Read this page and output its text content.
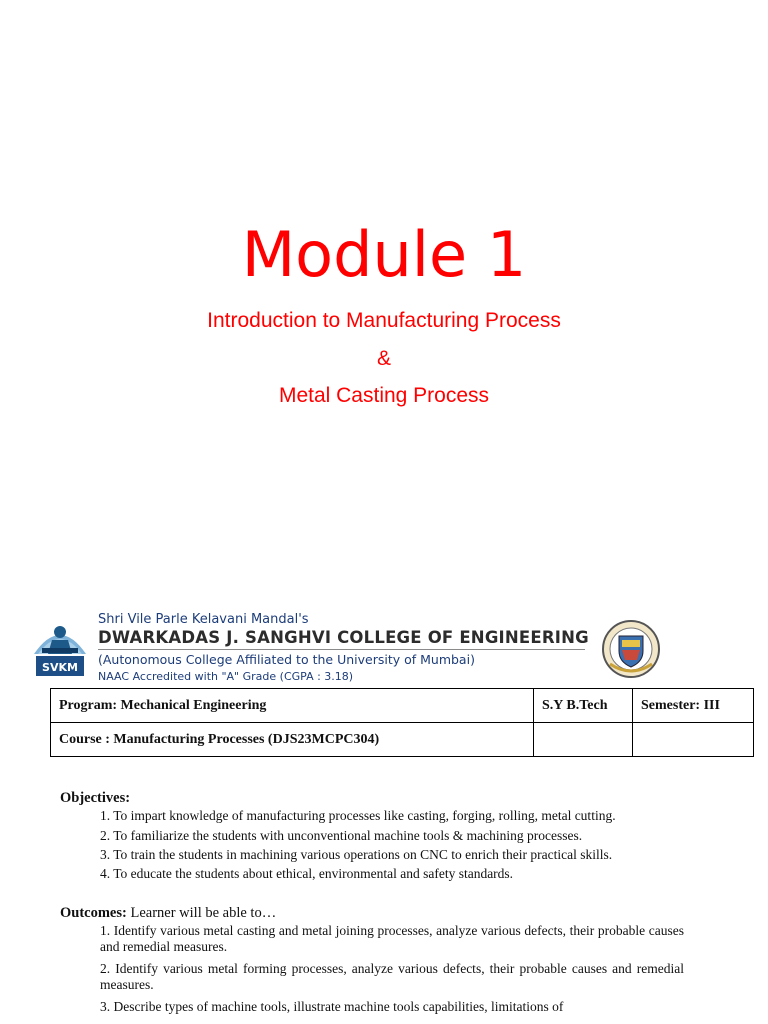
Module 1
Introduction to Manufacturing Process
&
Metal Casting Process
SVKM
Shri Vile Parle Kelavani Mandal's
DWARKADAS J. SANGHVI COLLEGE OF ENGINEERING
(Autonomous College Affiliated to the University of Mumbai)
NAAC Accredited with "A" Grade (CGPA : 3.18)
Program: Mechanical Engineering	S.Y B.Tech	Semester: III
Course : Manufacturing Processes (DJS23MCPC304)		
Objectives:
1. To impart knowledge of manufacturing processes like casting, forging, rolling, metal cutting.
2. To familiarize the students with unconventional machine tools & machining processes.
3. To train the students in machining various operations on CNC to enrich their practical skills.
4. To educate the students about ethical, environmental and safety standards.
Outcomes: Learner will be able to…
1. Identify various metal casting and metal joining processes, analyze various defects, their probable causes and remedial measures.
2. Identify various metal forming processes, analyze various defects, their probable causes and remedial measures.
3. Describe types of machine tools, illustrate machine tools capabilities, limitations of
